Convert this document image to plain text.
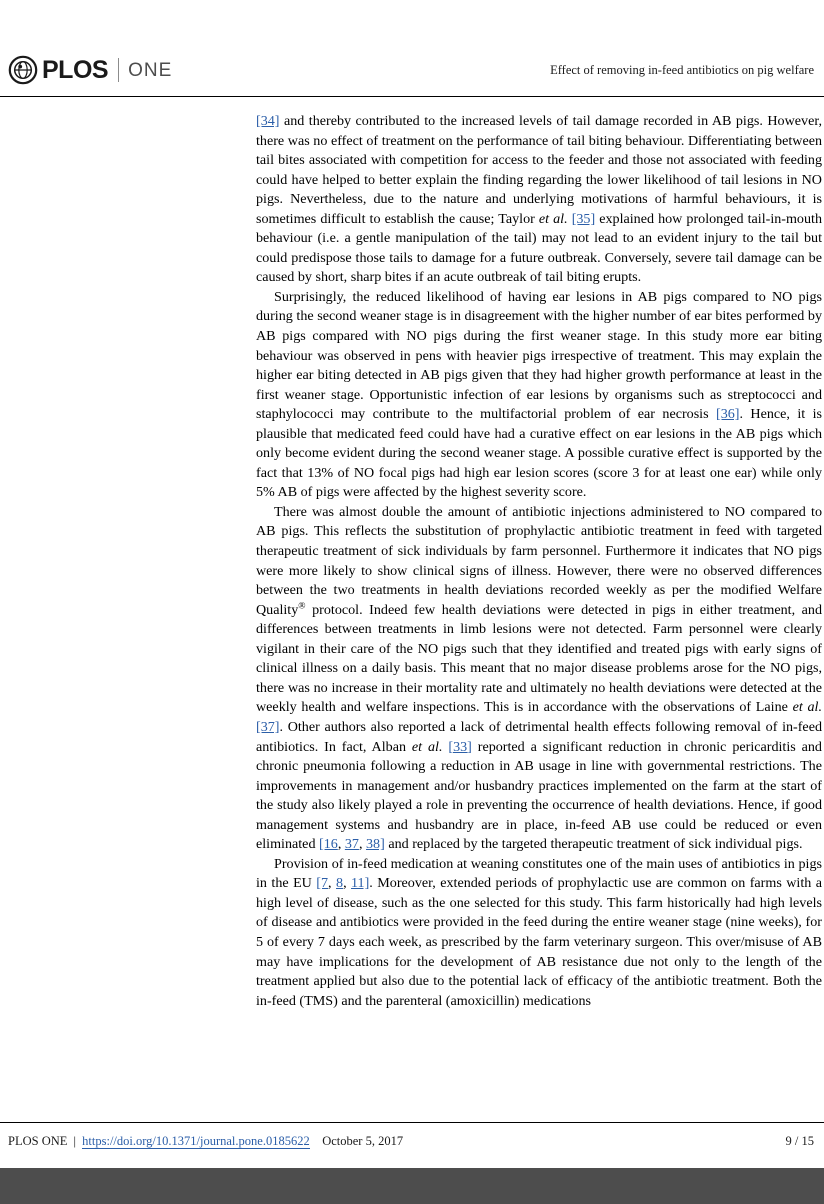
PLOS ONE	Effect of removing in-feed antibiotics on pig welfare

[34] and thereby contributed to the increased levels of tail damage recorded in AB pigs. However, there was no effect of treatment on the performance of tail biting behaviour. Differentiating between tail bites associated with competition for access to the feeder and those not associated with feeding could have helped to better explain the finding regarding the lower likelihood of tail lesions in NO pigs. Nevertheless, due to the nature and underlying motivations of harmful behaviours, it is sometimes difficult to establish the cause; Taylor et al. [35] explained how prolonged tail-in-mouth behaviour (i.e. a gentle manipulation of the tail) may not lead to an evident injury to the tail but could predispose those tails to damage for a future outbreak. Conversely, severe tail damage can be caused by short, sharp bites if an acute outbreak of tail biting erupts.

Surprisingly, the reduced likelihood of having ear lesions in AB pigs compared to NO pigs during the second weaner stage is in disagreement with the higher number of ear bites performed by AB pigs compared with NO pigs during the first weaner stage. In this study more ear biting behaviour was observed in pens with heavier pigs irrespective of treatment. This may explain the higher ear biting detected in AB pigs given that they had higher growth performance at least in the first weaner stage. Opportunistic infection of ear lesions by organisms such as streptococci and staphylococci may contribute to the multifactorial problem of ear necrosis [36]. Hence, it is plausible that medicated feed could have had a curative effect on ear lesions in the AB pigs which only become evident during the second weaner stage. A possible curative effect is supported by the fact that 13% of NO focal pigs had high ear lesion scores (score 3 for at least one ear) while only 5% AB of pigs were affected by the highest severity score.

There was almost double the amount of antibiotic injections administered to NO compared to AB pigs. This reflects the substitution of prophylactic antibiotic treatment in feed with targeted therapeutic treatment of sick individuals by farm personnel. Furthermore it indicates that NO pigs were more likely to show clinical signs of illness. However, there were no observed differences between the two treatments in health deviations recorded weekly as per the modified Welfare Quality® protocol. Indeed few health deviations were detected in pigs in either treatment, and differences between treatments in limb lesions were not detected. Farm personnel were clearly vigilant in their care of the NO pigs such that they identified and treated pigs with early signs of clinical illness on a daily basis. This meant that no major disease problems arose for the NO pigs, there was no increase in their mortality rate and ultimately no health deviations were detected at the weekly health and welfare inspections. This is in accordance with the observations of Laine et al. [37]. Other authors also reported a lack of detrimental health effects following removal of in-feed antibiotics. In fact, Alban et al. [33] reported a significant reduction in chronic pericarditis and chronic pneumonia following a reduction in AB usage in line with governmental restrictions. The improvements in management and/or husbandry practices implemented on the farm at the start of the study also likely played a role in preventing the occurrence of health deviations. Hence, if good management systems and husbandry are in place, in-feed AB use could be reduced or even eliminated [16, 37, 38] and replaced by the targeted therapeutic treatment of sick individual pigs.

Provision of in-feed medication at weaning constitutes one of the main uses of antibiotics in pigs in the EU [7, 8, 11]. Moreover, extended periods of prophylactic use are common on farms with a high level of disease, such as the one selected for this study. This farm historically had high levels of disease and antibiotics were provided in the feed during the entire weaner stage (nine weeks), for 5 of every 7 days each week, as prescribed by the farm veterinary surgeon. This over/misuse of AB may have implications for the development of AB resistance due not only to the length of the treatment applied but also due to the potential lack of efficacy of the antibiotic treatment. Both the in-feed (TMS) and the parenteral (amoxicillin) medications

PLOS ONE | https://doi.org/10.1371/journal.pone.0185622 October 5, 2017	9 / 15
